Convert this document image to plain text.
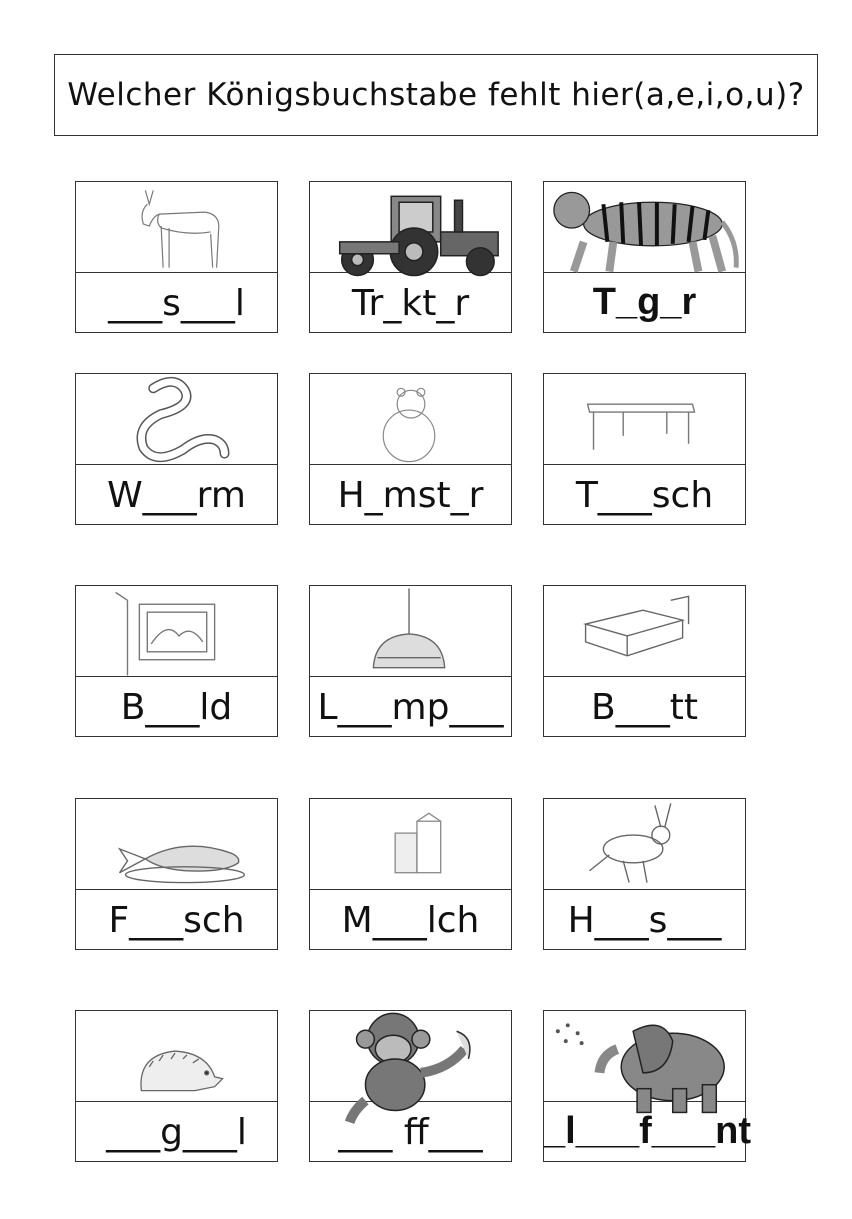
Welcher Königsbuchstabe fehlt hier(a,e,i,o,u)?
___s___l	Tr_kt_r	T_g_r
W___rm	H_mst_r	T___sch
B___ld	L___mp___	B___tt
F___sch	M___lch	H___s___
___g___l	___ ff___	_l___f___nt
